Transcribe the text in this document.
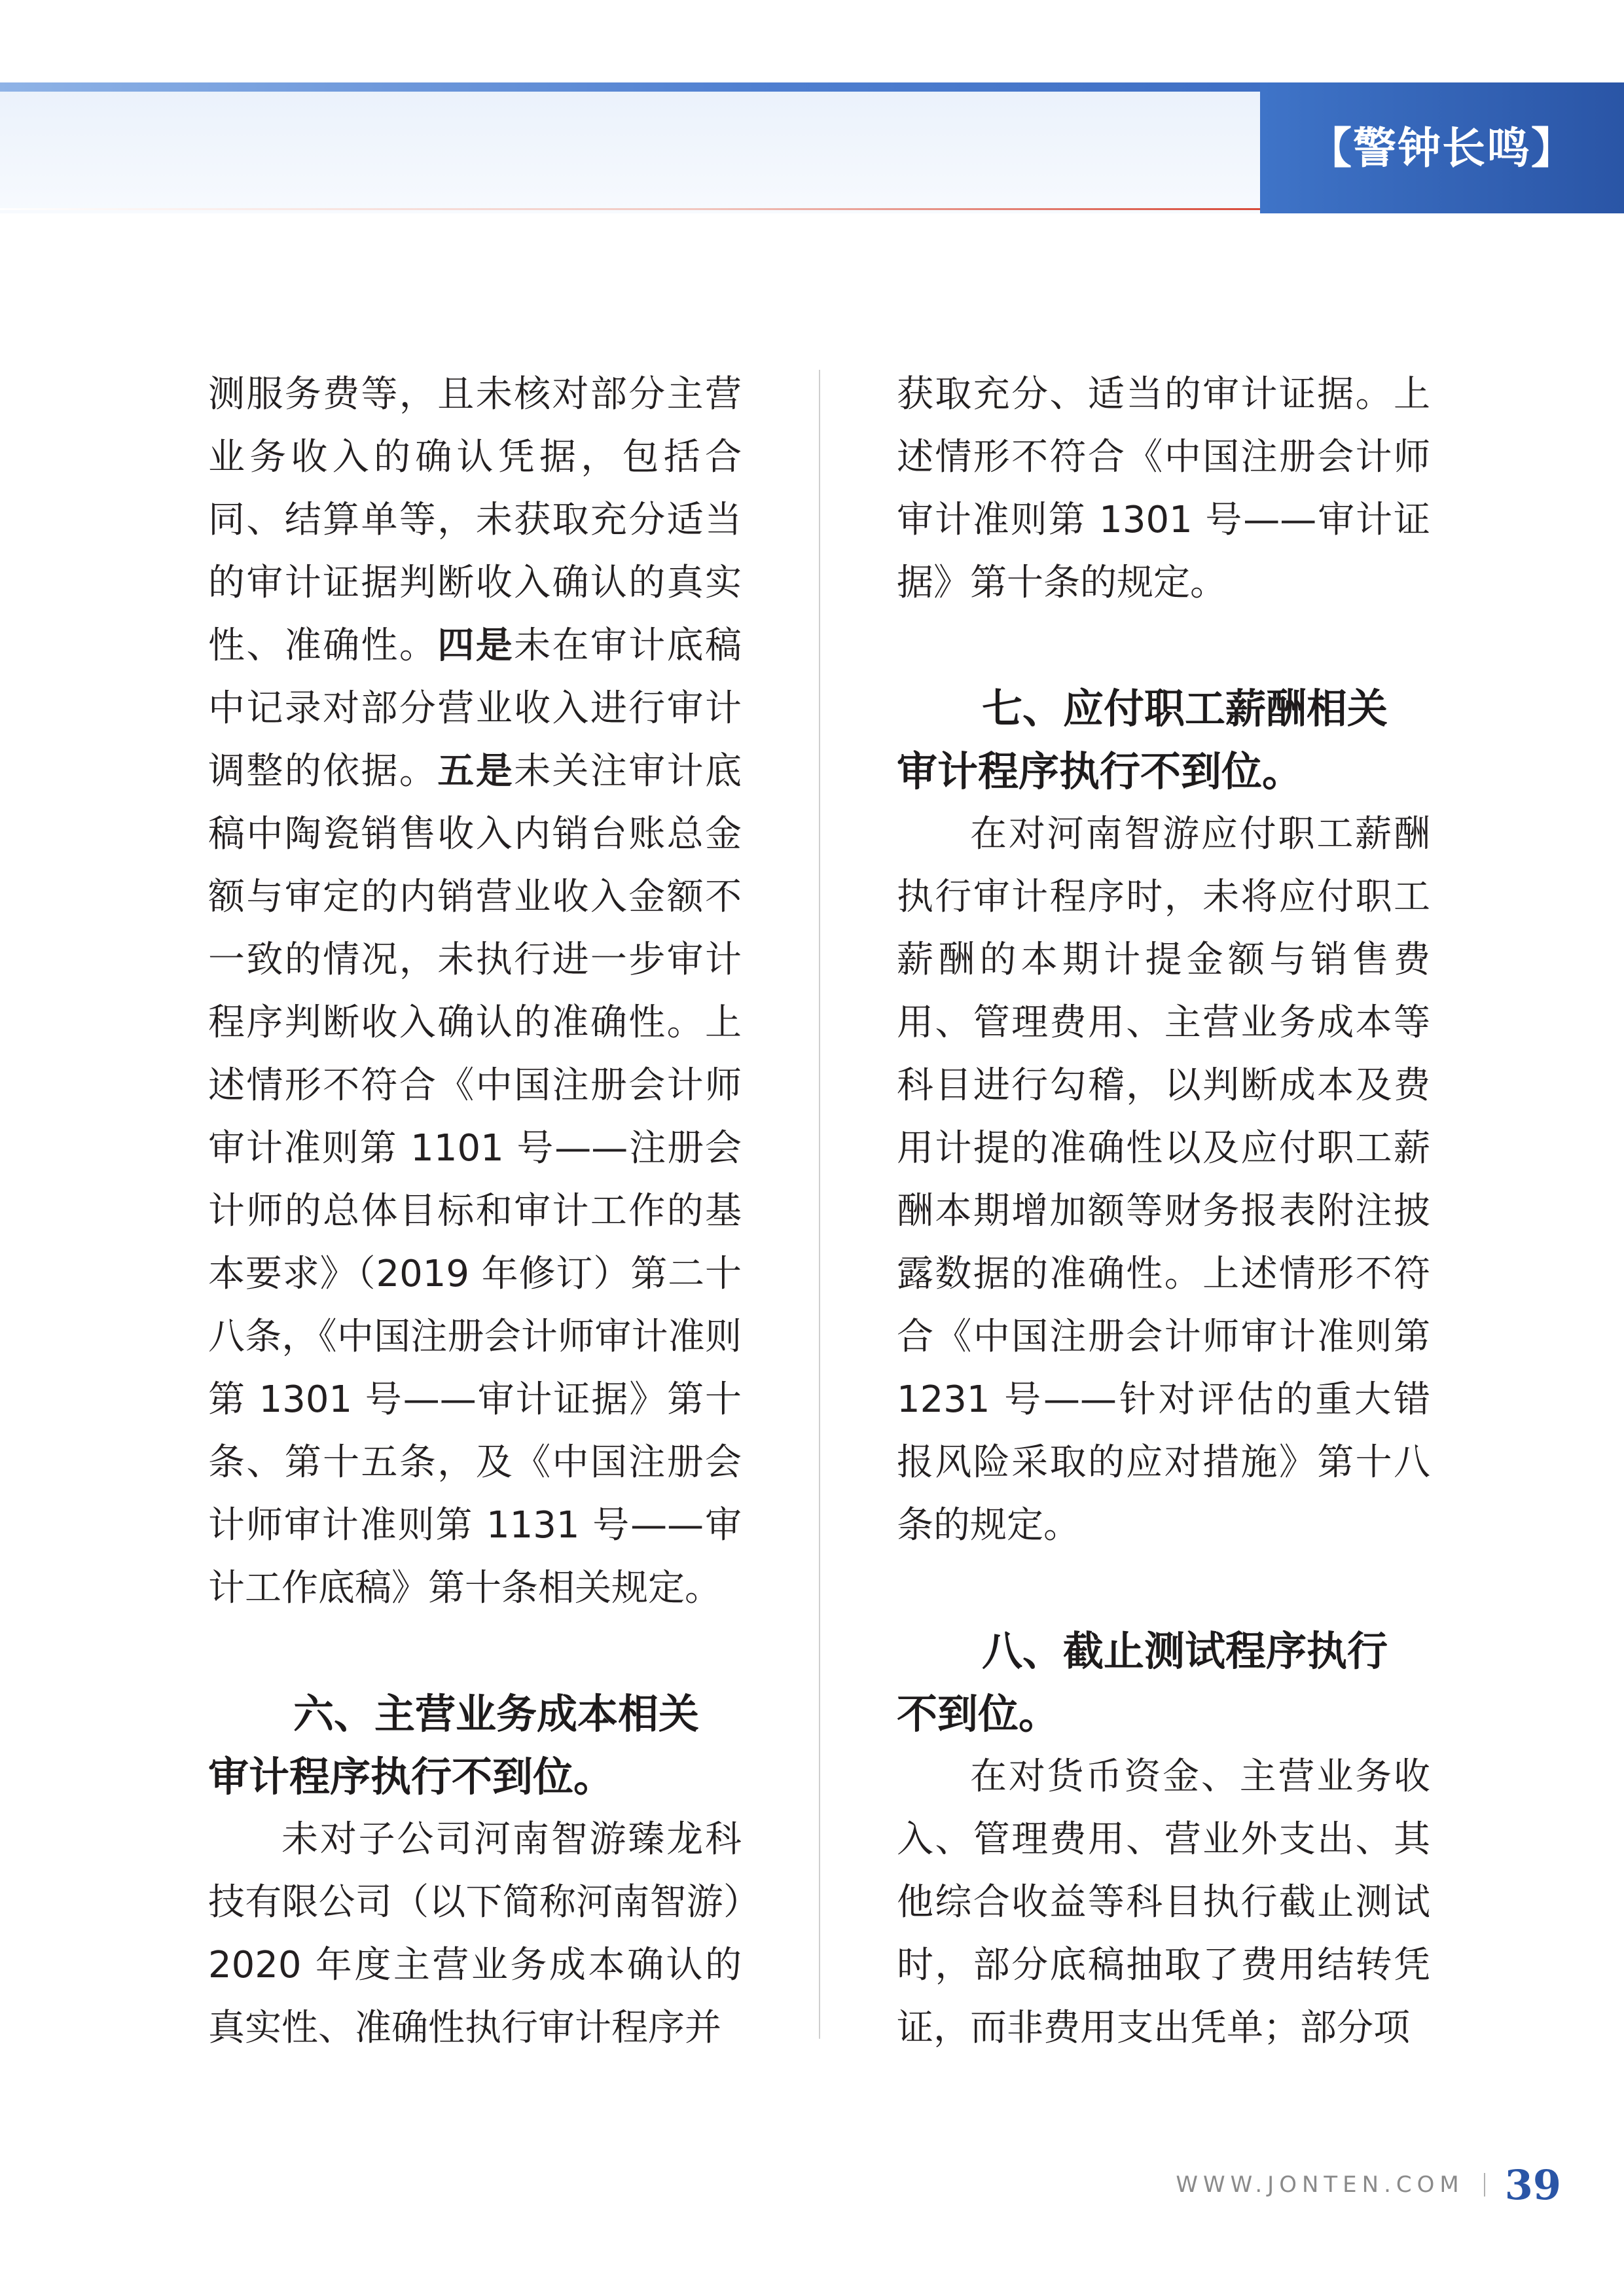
【警钟长鸣】

测服务费等，且未核对部分主营业务收入的确认凭据，包括合同、结算单等，未获取充分适当的审计证据判断收入确认的真实性、准确性。四是未在审计底稿中记录对部分营业收入进行审计调整的依据。五是未关注审计底稿中陶瓷销售收入内销台账总金额与审定的内销营业收入金额不一致的情况，未执行进一步审计程序判断收入确认的准确性。上述情形不符合《中国注册会计师审计准则第 1101 号——注册会计师的总体目标和审计工作的基本要求》（2019 年修订）第二十八条，《中国注册会计师审计准则第 1301 号——审计证据》第十条、第十五条，及《中国注册会计师审计准则第 1131 号——审计工作底稿》第十条相关规定。

六、主营业务成本相关
审计程序执行不到位。

未对子公司河南智游臻龙科技有限公司（以下简称河南智游）2020 年度主营业务成本确认的真实性、准确性执行审计程序并

获取充分、适当的审计证据。上述情形不符合《中国注册会计师审计准则第 1301 号——审计证据》第十条的规定。

七、应付职工薪酬相关
审计程序执行不到位。

在对河南智游应付职工薪酬执行审计程序时，未将应付职工薪酬的本期计提金额与销售费用、管理费用、主营业务成本等科目进行勾稽，以判断成本及费用计提的准确性以及应付职工薪酬本期增加额等财务报表附注披露数据的准确性。上述情形不符合《中国注册会计师审计准则第 1231 号——针对评估的重大错报风险采取的应对措施》第十八条的规定。

八、截止测试程序执行
不到位。

在对货币资金、主营业务收入、管理费用、营业外支出、其他综合收益等科目执行截止测试时，部分底稿抽取了费用结转凭证，而非费用支出凭单；部分项

WWW.JONTEN.COM 39
